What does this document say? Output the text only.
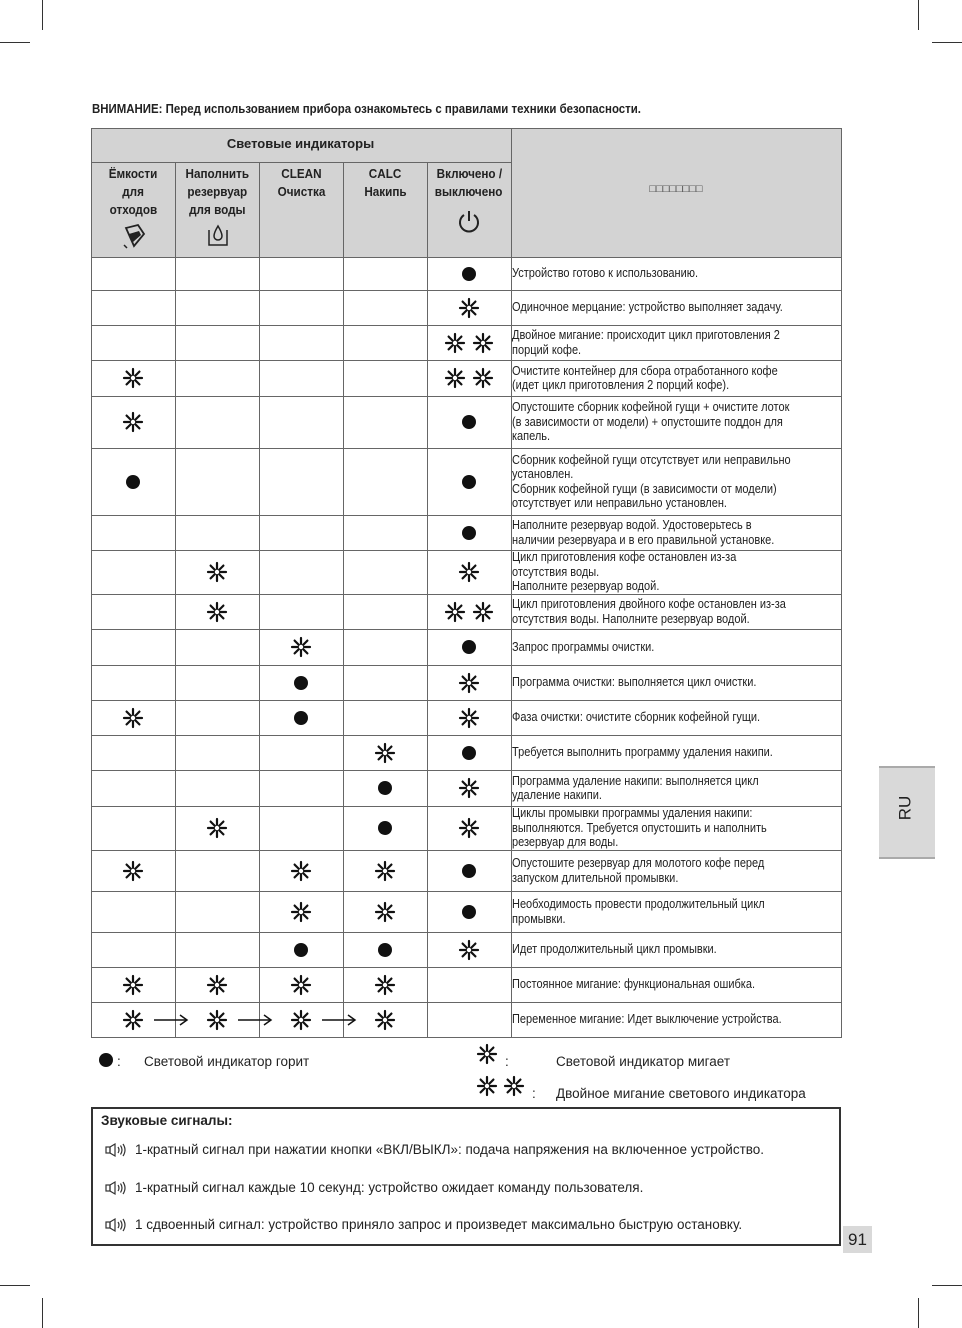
ВНИМАНИЕ: Перед использованием прибора ознакомьтесь с правилами техники безопасности.
Световые индикаторы
□□□□□□□□
Ёмкости
для
отходов
Наполнить
резервуар
для воды
CLEAN
Очистка
CALC
Накипь
Включено /
выключено
Устройство готово к использованию.
Одиночное мерцание: устройство выполняет задачу.
Двойное мигание: происходит цикл приготовления 2
порций кофе.
Очистите контейнер для сбора отработанного кофе
(идет цикл приготовления 2 порций кофе).
Опустошите сборник кофейной гущи + очистите лоток
(в зависимости от модели) + опустошите поддон для
капель.
Сборник кофейной гущи отсутствует или неправильно
установлен.
Сборник кофейной гущи (в зависимости от модели)
отсутствует или неправильно установлен.
Наполните резервуар водой. Удостоверьтесь в
наличии резервуара и в его правильной установке.
Цикл приготовления кофе остановлен из-за
отсутствия воды.
Наполните резервуар водой.
Цикл приготовления двойного кофе остановлен из-за
отсутствия воды. Наполните резервуар водой.
Запрос программы очистки.
Программа очистки: выполняется цикл очистки.
Фаза очистки: очистите сборник кофейной гущи.
Требуется выполнить программу удаления накипи.
Программа удаление накипи: выполняется цикл
удаление накипи.
Циклы промывки программы удаления накипи:
выполняются. Требуется опустошить и наполнить
резервуар для воды.
Опустошите резервуар для молотого кофе перед
запуском длительной промывки.
Необходимость провести продолжительный цикл
промывки.
Идет продолжительный цикл промывки.
Постоянное мигание: функциональная ошибка.
Переменное мигание: Идет выключение устройства.
: Световой индикатор горит	:	Световой индикатор мигает
: Двойное мигание светового индикатора
Звуковые сигналы:
1-кратный сигнал при нажатии кнопки «ВКЛ/ВЫКЛ»: подача напряжения на включенное устройство.
1-кратный сигнал каждые 10 секунд: устройство ожидает команду пользователя.
1 сдвоенный сигнал: устройство приняло запрос и произведет максимально быструю остановку.
RU
91
